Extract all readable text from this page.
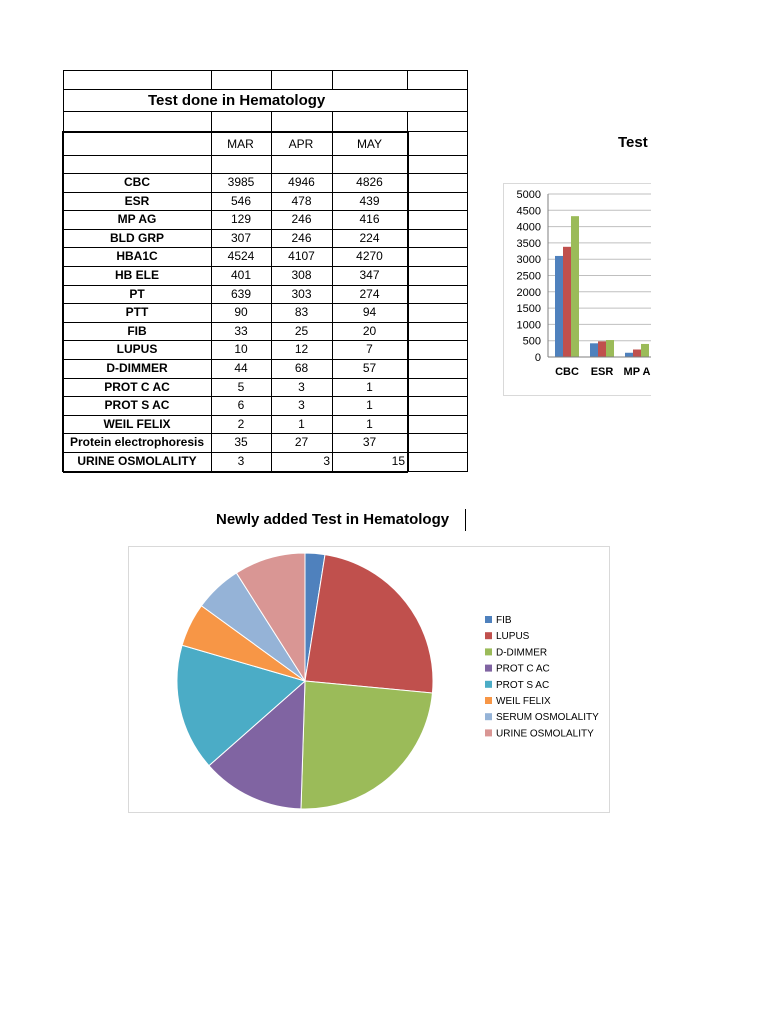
Test done in Hematology
MAR	APR	MAY
CBC	3985	4946	4826
ESR	546	478	439
MP AG	129	246	416
BLD GRP	307	246	224
HBA1C	4524	4107	4270
HB ELE	401	308	347
PT	639	303	274
PTT	90	83	94
FIB	33	25	20
LUPUS	10	12	7
D-DIMMER	44	68	57
PROT C AC	5	3	1
PROT S AC	6	3	1
WEIL FELIX	2	1	1
Protein electrophoresis	35	27	37
URINE OSMOLALITY	3	3	15
Test
0
500
1000
1500
2000
2500
3000
3500
4000
4500
5000
CBC ESR MP A
Newly added Test in Hematology
FIB
LUPUS
D-DIMMER
PROT C AC
PROT S AC
WEIL FELIX
SERUM OSMOLALITY
URINE OSMOLALITY
